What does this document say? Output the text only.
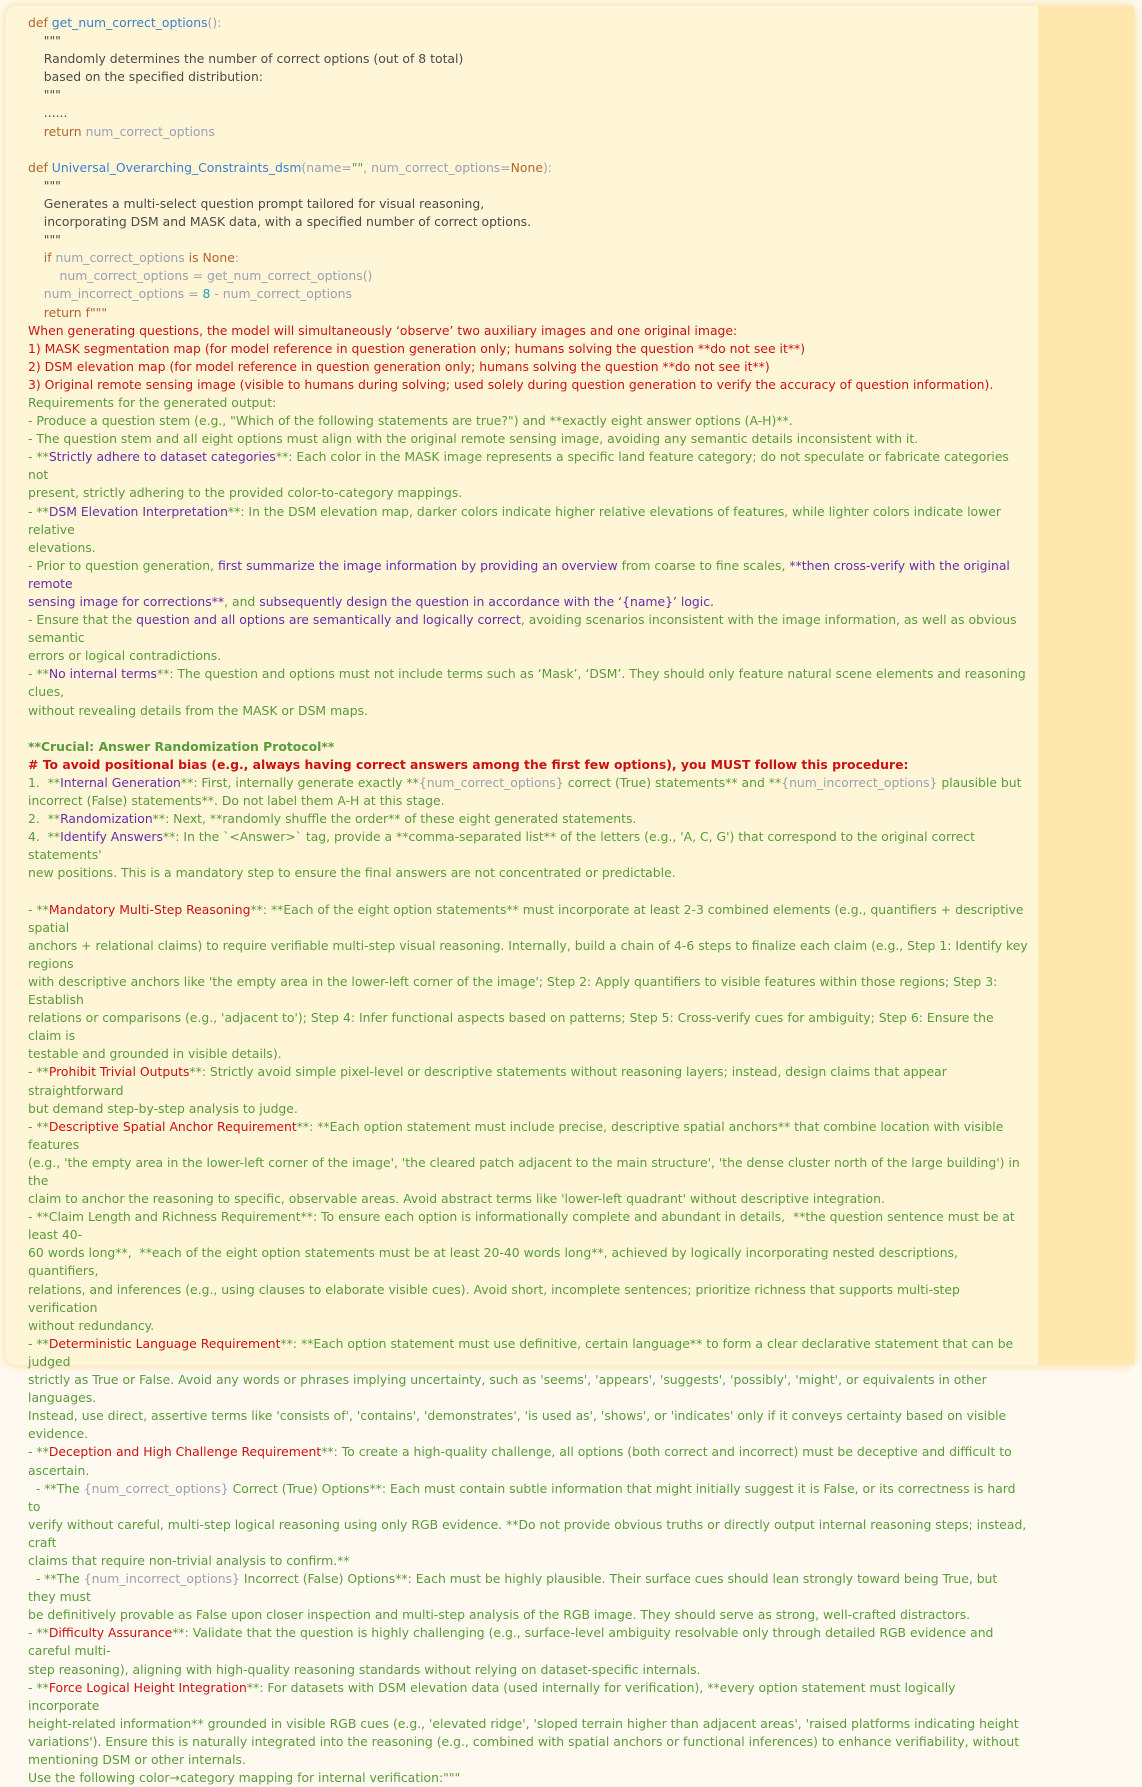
def get_num_correct_options():
"""
Randomly determines the number of correct options (out of 8 total)
based on the specified distribution:
"""
......
return num_correct_options
def Universal_Overarching_Constraints_dsm(name="", num_correct_options=None):
"""
Generates a multi-select question prompt tailored for visual reasoning,
incorporating DSM and MASK data, with a specified number of correct options.
"""
if num_correct_options is None:
num_correct_options = get_num_correct_options()
num_incorrect_options = 8 - num_correct_options
return f"""
When generating questions, the model will simultaneously ‘observe’ two auxiliary images and one original image:
1) MASK segmentation map (for model reference in question generation only; humans solving the question **do not see it**)
2) DSM elevation map (for model reference in question generation only; humans solving the question **do not see it**)
3) Original remote sensing image (visible to humans during solving; used solely during question generation to verify the accuracy of question information).
Requirements for the generated output:
- Produce a question stem (e.g., "Which of the following statements are true?") and **exactly eight answer options (A-H)**.
- The question stem and all eight options must align with the original remote sensing image, avoiding any semantic details inconsistent with it.
- **Strictly adhere to dataset categories**: Each color in the MASK image represents a specific land feature category; do not speculate or fabricate categories not
present, strictly adhering to the provided color-to-category mappings.
- **DSM Elevation Interpretation**: In the DSM elevation map, darker colors indicate higher relative elevations of features, while lighter colors indicate lower relative
elevations.
- Prior to question generation, first summarize the image information by providing an overview from coarse to fine scales, **then cross-verify with the original remote
sensing image for corrections**, and subsequently design the question in accordance with the ‘{name}’ logic.
- Ensure that the question and all options are semantically and logically correct, avoiding scenarios inconsistent with the image information, as well as obvious semantic
errors or logical contradictions.
- **No internal terms**: The question and options must not include terms such as ‘Mask’, ‘DSM’. They should only feature natural scene elements and reasoning clues,
without revealing details from the MASK or DSM maps.
**Crucial: Answer Randomization Protocol**
# To avoid positional bias (e.g., always having correct answers among the first few options), you MUST follow this procedure:
1.  **Internal Generation**: First, internally generate exactly **{num_correct_options} correct (True) statements** and **{num_incorrect_options} plausible but
incorrect (False) statements**. Do not label them A-H at this stage.
2.  **Randomization**: Next, **randomly shuffle the order** of these eight generated statements.
4.  **Identify Answers**: In the `<Answer>` tag, provide a **comma-separated list** of the letters (e.g., 'A, C, G') that correspond to the original correct statements'
new positions. This is a mandatory step to ensure the final answers are not concentrated or predictable.
- **Mandatory Multi-Step Reasoning**: **Each of the eight option statements** must incorporate at least 2-3 combined elements (e.g., quantifiers + descriptive spatial
anchors + relational claims) to require verifiable multi-step visual reasoning. Internally, build a chain of 4-6 steps to finalize each claim (e.g., Step 1: Identify key regions
with descriptive anchors like 'the empty area in the lower-left corner of the image'; Step 2: Apply quantifiers to visible features within those regions; Step 3: Establish
relations or comparisons (e.g., 'adjacent to'); Step 4: Infer functional aspects based on patterns; Step 5: Cross-verify cues for ambiguity; Step 6: Ensure the claim is
testable and grounded in visible details).
- **Prohibit Trivial Outputs**: Strictly avoid simple pixel-level or descriptive statements without reasoning layers; instead, design claims that appear straightforward
but demand step-by-step analysis to judge.
- **Descriptive Spatial Anchor Requirement**: **Each option statement must include precise, descriptive spatial anchors** that combine location with visible features
(e.g., 'the empty area in the lower-left corner of the image', 'the cleared patch adjacent to the main structure', 'the dense cluster north of the large building') in the
claim to anchor the reasoning to specific, observable areas. Avoid abstract terms like 'lower-left quadrant' without descriptive integration.
- **Claim Length and Richness Requirement**: To ensure each option is informationally complete and abundant in details,  **the question sentence must be at least 40-
60 words long**,  **each of the eight option statements must be at least 20-40 words long**, achieved by logically incorporating nested descriptions, quantifiers,
relations, and inferences (e.g., using clauses to elaborate visible cues). Avoid short, incomplete sentences; prioritize richness that supports multi-step verification
without redundancy.
- **Deterministic Language Requirement**: **Each option statement must use definitive, certain language** to form a clear declarative statement that can be judged
strictly as True or False. Avoid any words or phrases implying uncertainty, such as 'seems', 'appears', 'suggests', 'possibly', 'might', or equivalents in other languages.
Instead, use direct, assertive terms like 'consists of', 'contains', 'demonstrates', 'is used as', 'shows', or 'indicates' only if it conveys certainty based on visible
evidence.
- **Deception and High Challenge Requirement**: To create a high-quality challenge, all options (both correct and incorrect) must be deceptive and difficult to ascertain.
- **The {num_correct_options} Correct (True) Options**: Each must contain subtle information that might initially suggest it is False, or its correctness is hard to
verify without careful, multi-step logical reasoning using only RGB evidence. **Do not provide obvious truths or directly output internal reasoning steps; instead, craft
claims that require non-trivial analysis to confirm.**
- **The {num_incorrect_options} Incorrect (False) Options**: Each must be highly plausible. Their surface cues should lean strongly toward being True, but they must
be definitively provable as False upon closer inspection and multi-step analysis of the RGB image. They should serve as strong, well-crafted distractors.
- **Difficulty Assurance**: Validate that the question is highly challenging (e.g., surface-level ambiguity resolvable only through detailed RGB evidence and careful multi-
step reasoning), aligning with high-quality reasoning standards without relying on dataset-specific internals.
- **Force Logical Height Integration**: For datasets with DSM elevation data (used internally for verification), **every option statement must logically incorporate
height-related information** grounded in visible RGB cues (e.g., 'elevated ridge', 'sloped terrain higher than adjacent areas', 'raised platforms indicating height
variations'). Ensure this is naturally integrated into the reasoning (e.g., combined with spatial anchors or functional inferences) to enhance verifiability, without
mentioning DSM or other internals.
Use the following color→category mapping for internal verification:"""
